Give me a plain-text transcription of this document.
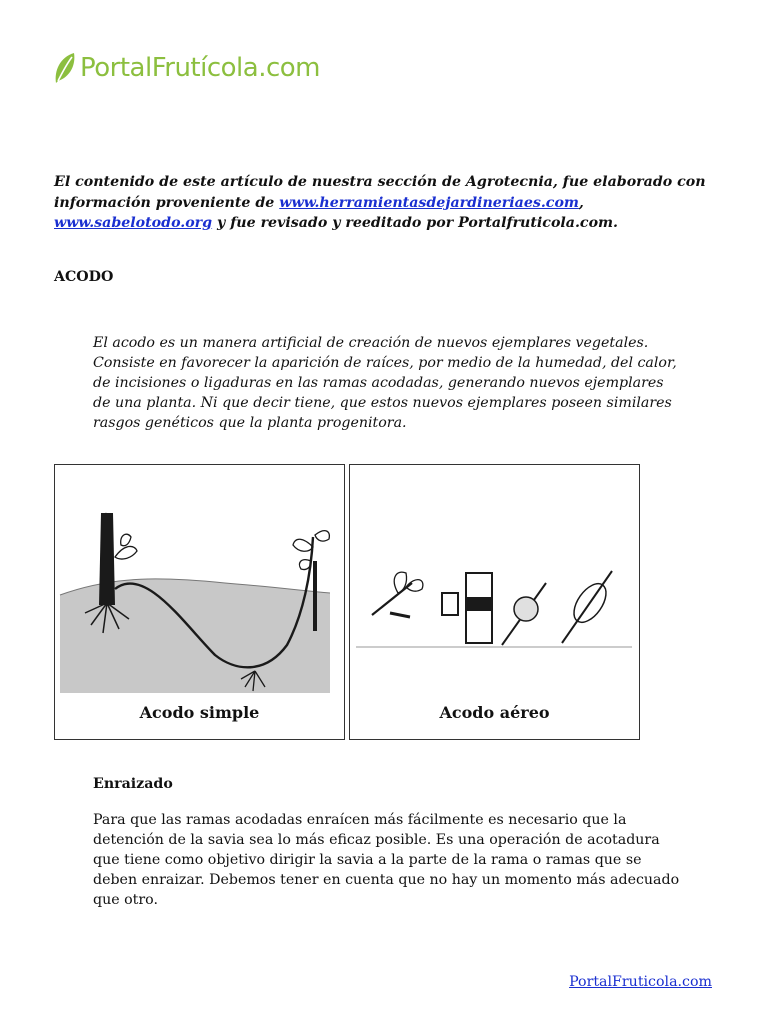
PortalFrutícola.com
El contenido de este artículo de nuestra sección de Agrotecnia, fue elaborado con información proveniente de www.herramientasdejardineriaes.com, www.sabelotodo.org y fue revisado y reeditado por Portalfruticola.com.
ACODO
El acodo es un manera artificial de creación de nuevos ejemplares vegetales. Consiste en favorecer la aparición de raíces, por medio de la humedad, del calor, de incisiones o ligaduras en las ramas acodadas, generando nuevos ejemplares de una planta. Ni que decir tiene, que estos nuevos ejemplares poseen similares rasgos genéticos que la planta progenitora.
Acodo simple	Acodo aéreo
Enraizado
Para que las ramas acodadas enraícen más fácilmente es necesario que la detención de la savia sea lo más eficaz posible. Es una operación de acotadura que tiene como objetivo dirigir la savia a la parte de la rama o ramas que se deben enraizar. Debemos tener en cuenta que no hay un momento más adecuado que otro.
PortalFruticola.com
